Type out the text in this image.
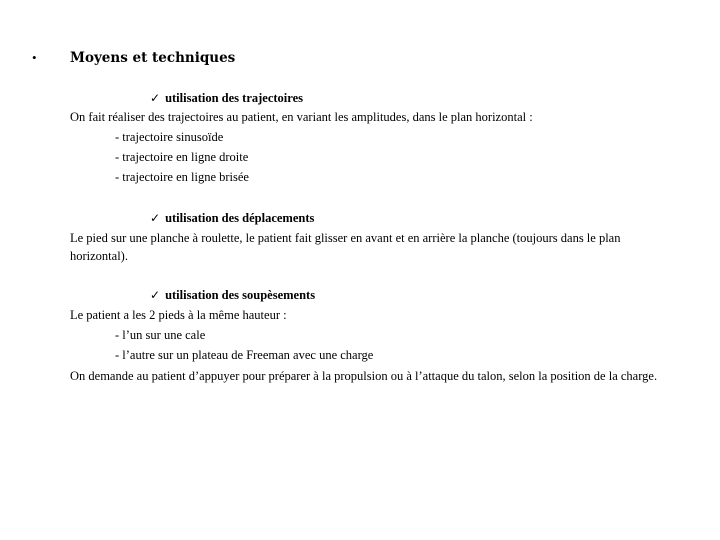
•	Moyens et techniques
✓ utilisation des trajectoires
On fait réaliser des trajectoires au patient, en variant les amplitudes, dans le plan horizontal :
- trajectoire sinusoïde
- trajectoire en ligne droite
- trajectoire en ligne brisée
✓ utilisation des déplacements
Le pied sur une planche à roulette, le patient fait glisser en avant et en arrière la planche (toujours dans le plan horizontal).
✓ utilisation des soupèsements
Le patient a les 2 pieds à la même hauteur :
- l’un sur une cale
- l’autre sur un plateau de Freeman avec une charge
On demande au patient d’appuyer pour préparer à la propulsion ou à l’attaque du talon, selon la position de la charge.
